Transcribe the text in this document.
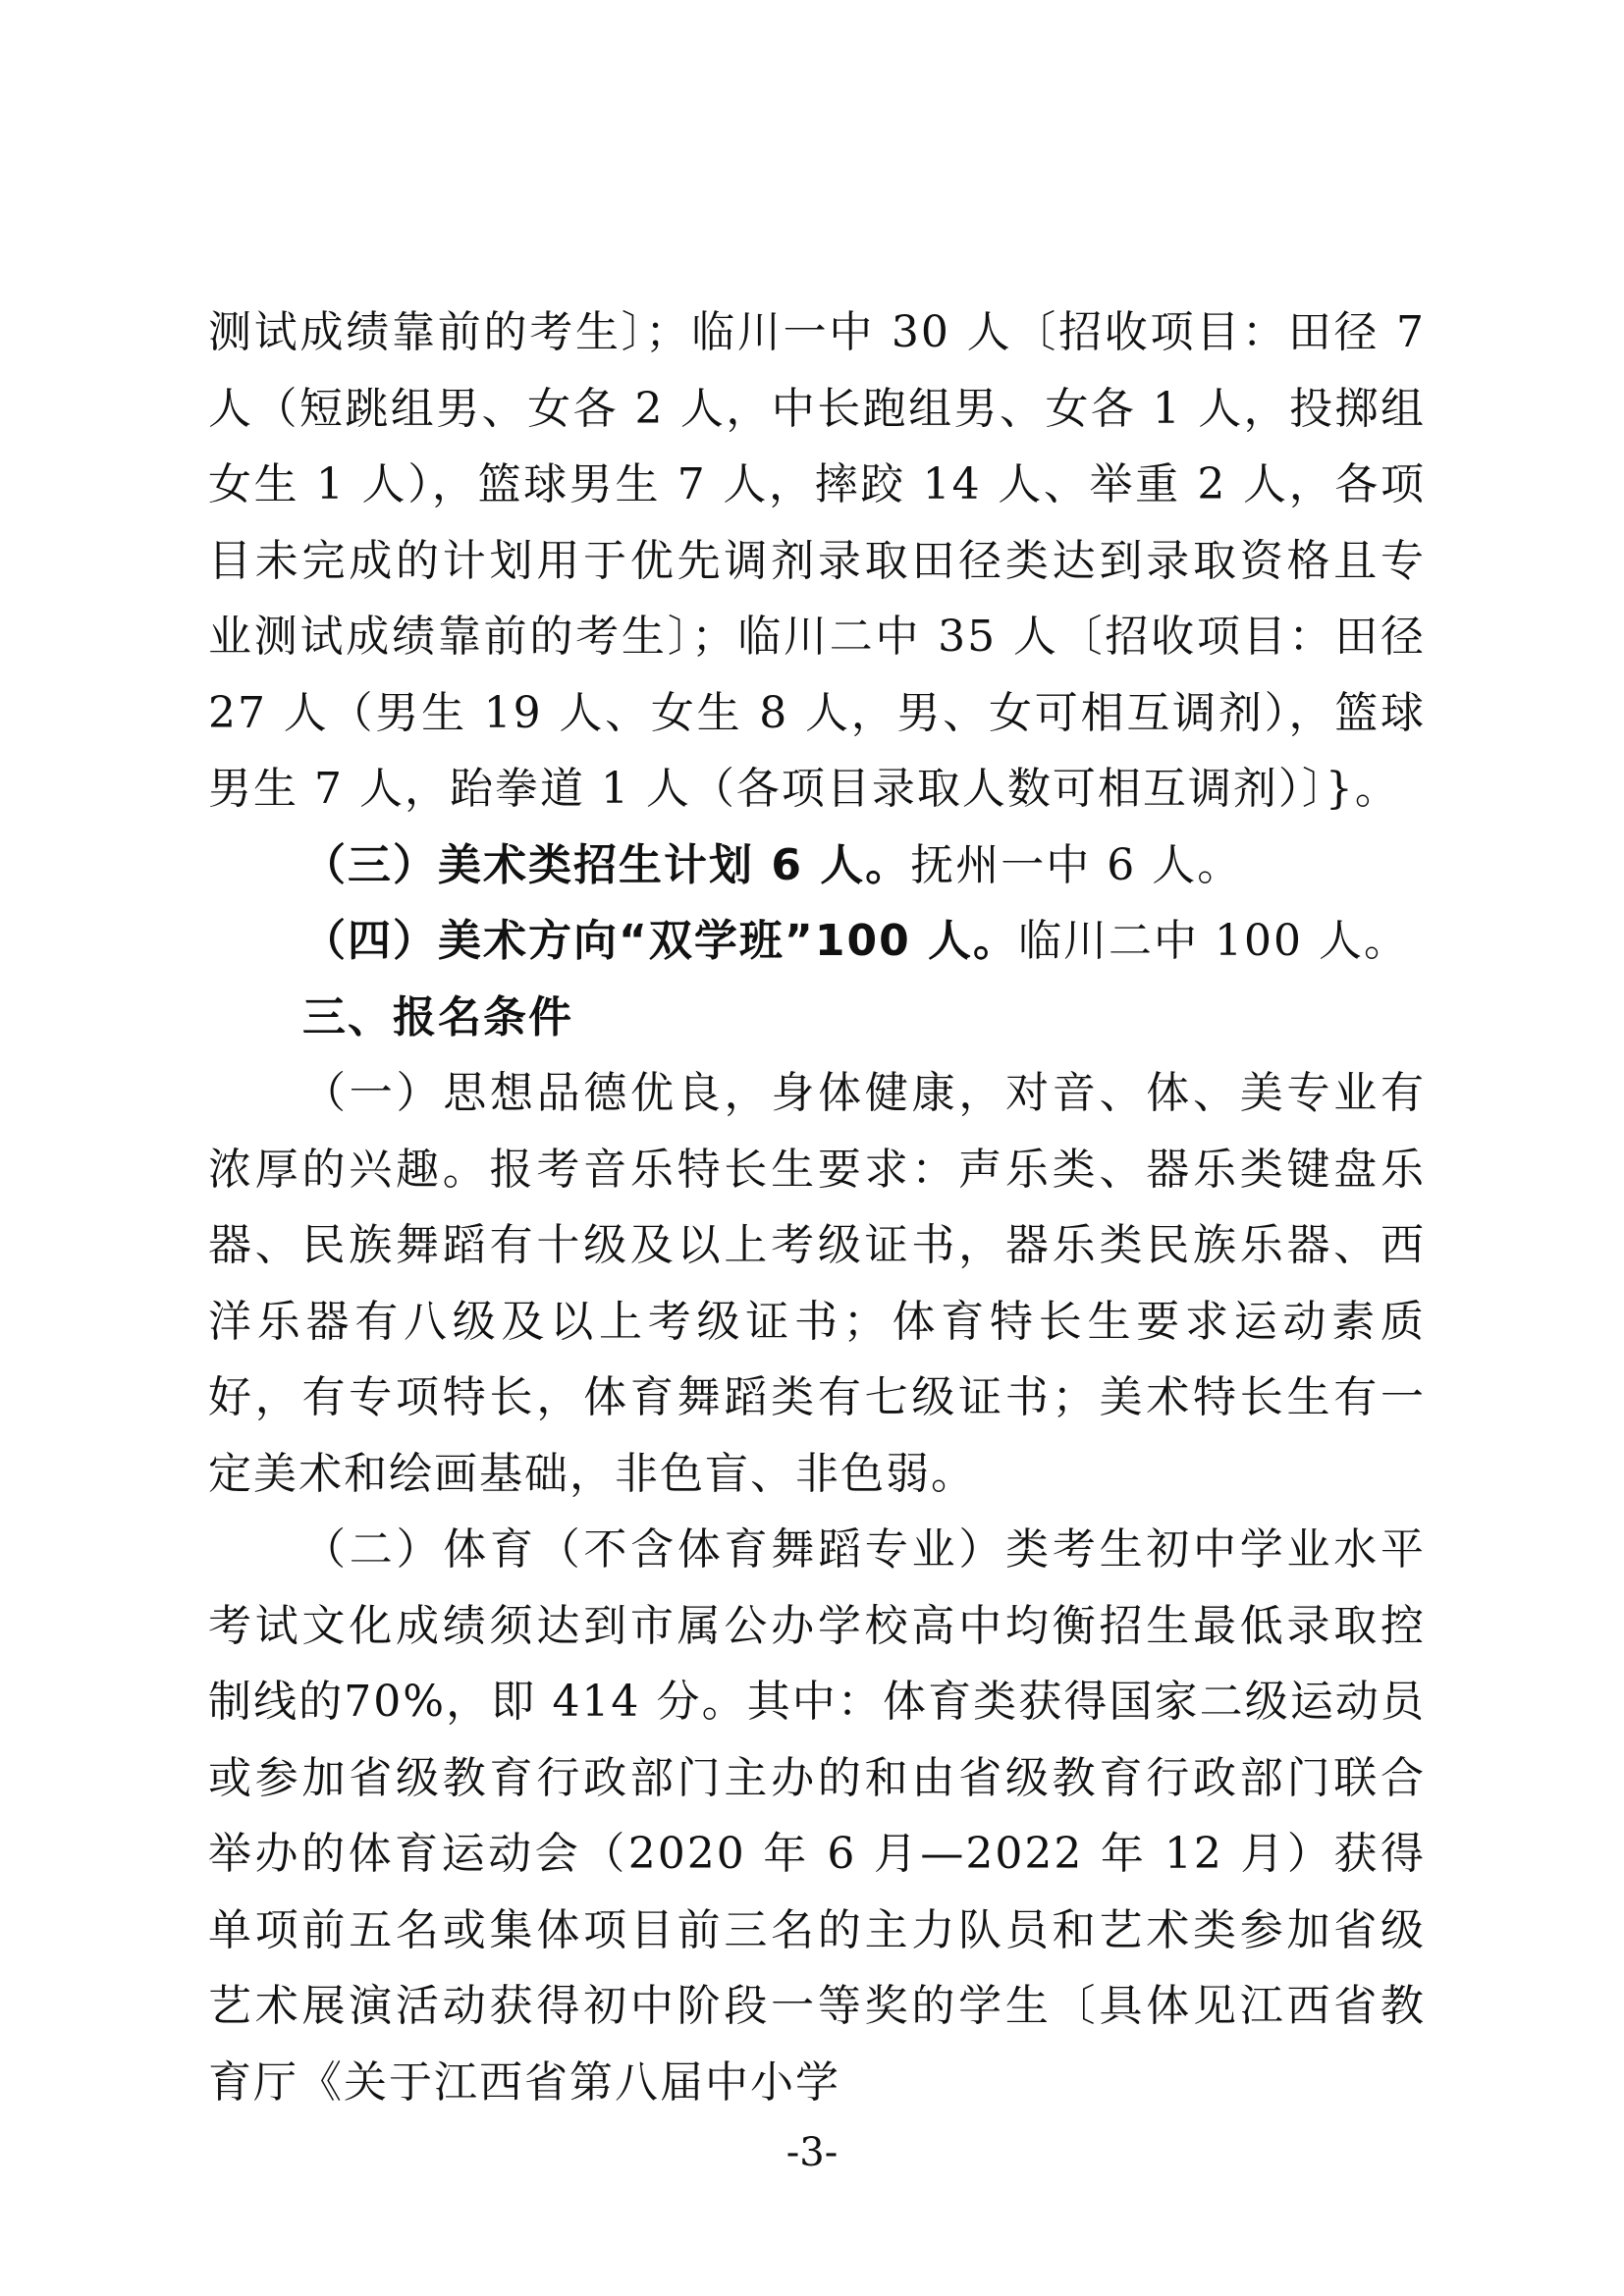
测试成绩靠前的考生〕；临川一中 30 人〔招收项目：田径 7 人（短跳组男、女各 2 人，中长跑组男、女各 1 人，投掷组女生 1 人），篮球男生 7 人，摔跤 14 人、举重 2 人，各项目未完成的计划用于优先调剂录取田径类达到录取资格且专业测试成绩靠前的考生〕；临川二中 35 人〔招收项目：田径 27 人（男生 19 人、女生 8 人，男、女可相互调剂），篮球男生 7 人，跆拳道 1 人（各项目录取人数可相互调剂）〕}。

（三）美术类招生计划 6 人。抚州一中 6 人。

（四）美术方向“双学班”100 人。临川二中 100 人。

三、报名条件

（一）思想品德优良，身体健康，对音、体、美专业有浓厚的兴趣。报考音乐特长生要求：声乐类、器乐类键盘乐器、民族舞蹈有十级及以上考级证书，器乐类民族乐器、西洋乐器有八级及以上考级证书；体育特长生要求运动素质好，有专项特长，体育舞蹈类有七级证书；美术特长生有一定美术和绘画基础，非色盲、非色弱。

（二）体育（不含体育舞蹈专业）类考生初中学业水平考试文化成绩须达到市属公办学校高中均衡招生最低录取控制线的70%，即 414 分。其中：体育类获得国家二级运动员或参加省级教育行政部门主办的和由省级教育行政部门联合举办的体育运动会（2020 年 6 月—2022 年 12 月）获得单项前五名或集体项目前三名的主力队员和艺术类参加省级艺术展演活动获得初中阶段一等奖的学生〔具体见江西省教育厅《关于江西省第八届中小学

-3-
